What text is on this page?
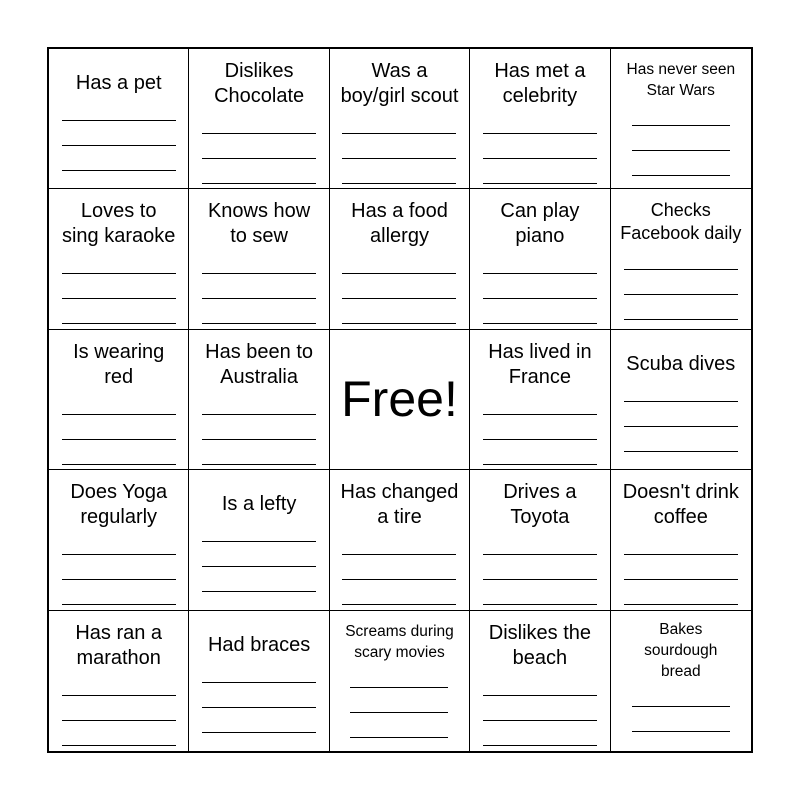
Has a pet
Dislikes
Chocolate
Was a
boy/girl scout
Has met a
celebrity
Has never seen
Star Wars
Loves to
sing karaoke
Knows how
to sew
Has a food
allergy
Can play
piano
Checks
Facebook daily
Is wearing
red
Has been to
Australia Free!
Has lived in
France
Scuba dives
Does Yoga
regularly
Is a lefty
Has changed
a tire
Drives a
Toyota
Doesn't drink
coffee
Has ran a
marathon
Had braces
Screams during
scary movies
Dislikes the
beach
Bakes
sourdough
bread
